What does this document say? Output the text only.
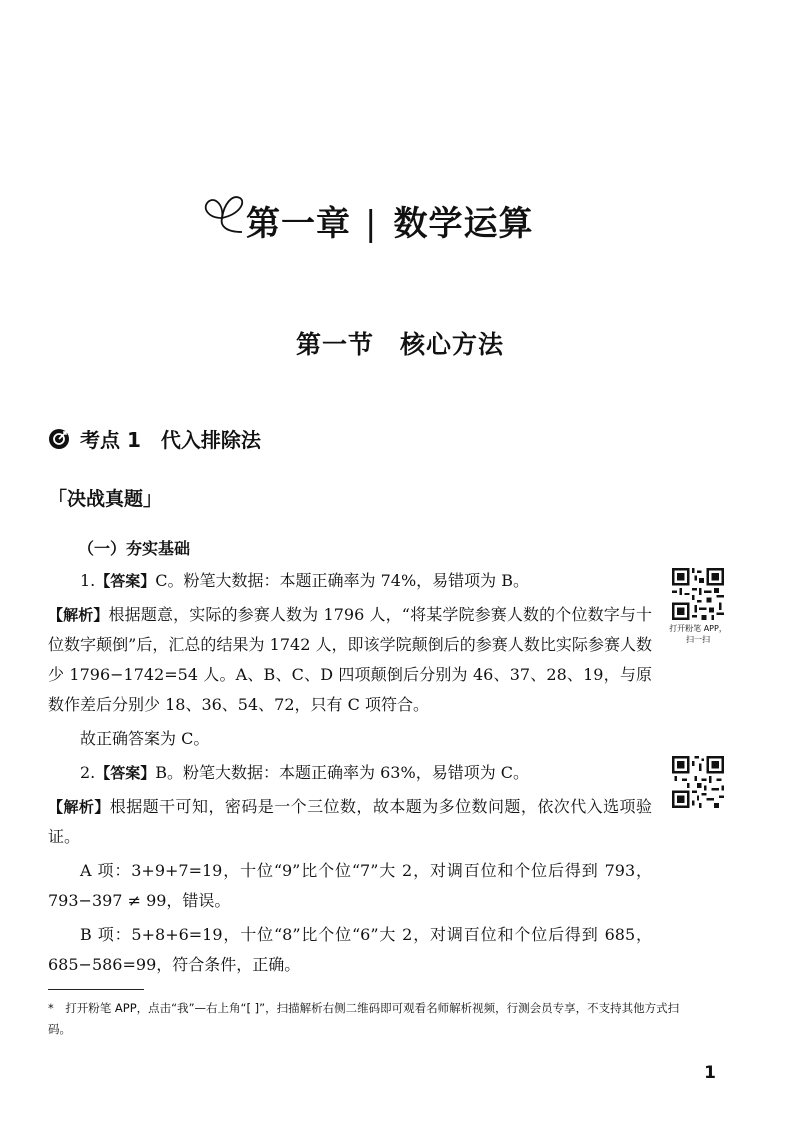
第一章 | 数学运算
第一节　核心方法
考点 1　代入排除法
「决战真题」
（一）夯实基础

1.【答案】C。粉笔大数据：本题正确率为 74%，易错项为 B。

【解析】根据题意，实际的参赛人数为 1796 人，“将某学院参赛人数的个位数字与十位数字颠倒”后，汇总的结果为 1742 人，即该学院颠倒后的参赛人数比实际参赛人数少 1796−1742=54 人。A、B、C、D 四项颠倒后分别为 46、37、28、19，与原数作差后分别少 18、36、54、72，只有 C 项符合。

故正确答案为 C。

2.【答案】B。粉笔大数据：本题正确率为 63%，易错项为 C。

【解析】根据题干可知，密码是一个三位数，故本题为多位数问题，依次代入选项验证。

A 项：3+9+7=19，十位“9”比个位“7”大 2，对调百位和个位后得到 793，793−397 ≠ 99，错误。

B 项：5+8+6=19，十位“8”比个位“6”大 2，对调百位和个位后得到 685，685−586=99，符合条件，正确。

打开粉笔 APP，
扫一扫
*　打开粉笔 APP，点击“我”—右上角“[ ]”，扫描解析右侧二维码即可观看名师解析视频，行测会员专享，不支持其他方式扫码。
1
